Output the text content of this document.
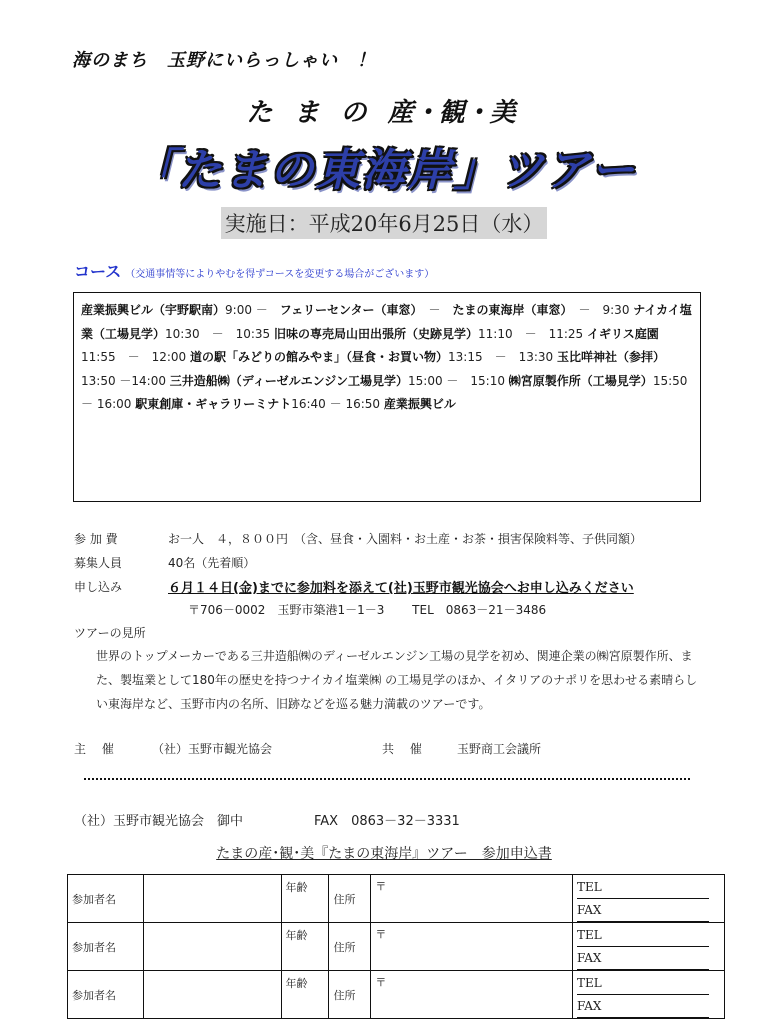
海のまち　玉野にいらっしゃい　！
た ま の 産･観･美
「たまの東海岸」ツアー
実施日：平成20年6月25日（水）
コース （交通事情等によりやむを得ずコースを変更する場合がございます）
産業振興ビル（宇野駅南）9:00 －　フェリーセンター（車窓）　－　たまの東海岸（車窓）　－　9:30 ナイカイ塩業（工場見学）10:30　－　10:35 旧味の専売局山田出張所（史跡見学）11:10　－　11:25 イギリス庭園11:55　－　12:00 道の駅「みどりの館みやま」（昼食・お買い物）13:15　－　13:30 玉比咩神社（参拝）13:50 －14:00 三井造船㈱（ディーゼルエンジン工場見学）15:00 －　15:10 ㈱宮原製作所（工場見学）15:50 － 16:00 駅東創庫・ギャラリーミナト16:40 － 16:50 産業振興ビル
参 加 費	お一人　４，８００円　（含、昼食・入園料・お土産・お茶・損害保険料等、子供同額）
募集人員	40名（先着順）
申し込み	６月１４日(金)までに参加料を添えて(社)玉野市観光協会へお申し込みください
〒706－0002　玉野市築港1－1－3　　 TEL　0863－21－3486
ツアーの見所
世界のトップメーカーである三井造船㈱のディーゼルエンジン工場の見学を初め、関連企業の㈱宮原製作所、また、製塩業として180年の歴史を持つナイカイ塩業㈱ の工場見学のほか、イタリアのナポリを思わせる素晴らしい東海岸など、玉野市内の名所、旧跡などを巡る魅力満載のツアーです。
主　 催	（社）玉野市観光協会	共　 催	玉野商工会議所
（社）玉野市観光協会　御中	FAX　0863－32－3331
たまの産･観･美『たまの東海岸』ツアー　参加申込書
参加者名		年齢	住所	〒	TEL
FAX

参加者名		年齢	住所	〒	TEL
FAX

参加者名		年齢	住所	〒	TEL
FAX
